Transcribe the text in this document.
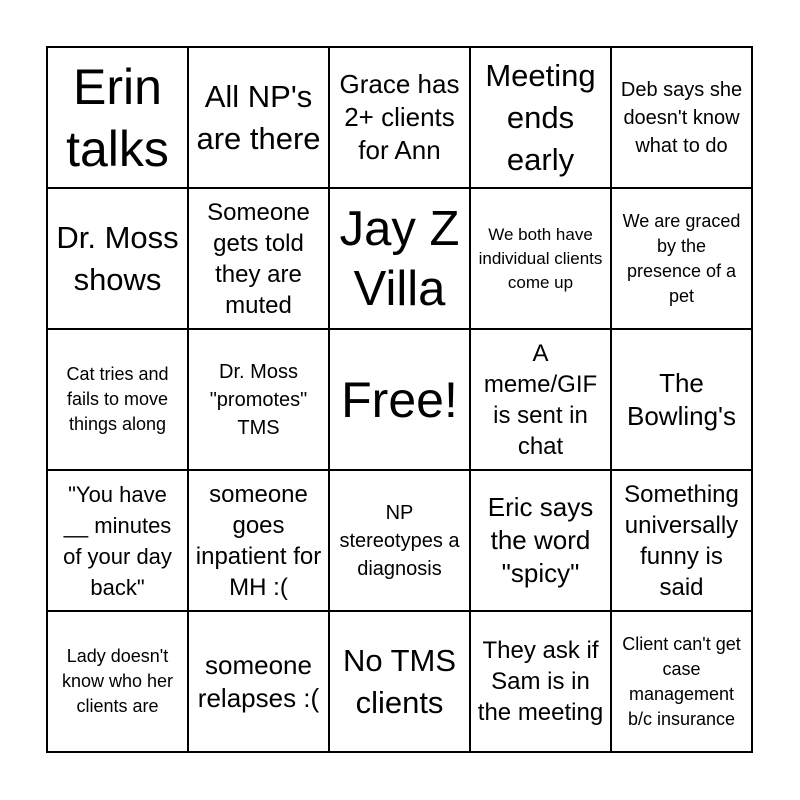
Erin talks
All NP's are there
Grace has 2+ clients for Ann
Meeting ends early
Deb says she doesn't know what to do
Dr. Moss shows
Someone gets told they are muted
Jay Z Villa
We both have individual clients come up
We are graced by the presence of a pet
Cat tries and fails to move things along
Dr. Moss "promotes" TMS	Free!
A meme/GIF is sent in chat
The Bowling's
"You have __ minutes of your day back"
someone goes inpatient for MH :(
NP stereotypes a diagnosis
Eric says the word "spicy"
Something universally funny is said
Lady doesn't know who her clients are
someone relapses :(
No TMS clients
They ask if Sam is in the meeting
Client can't get case management b/c insurance
